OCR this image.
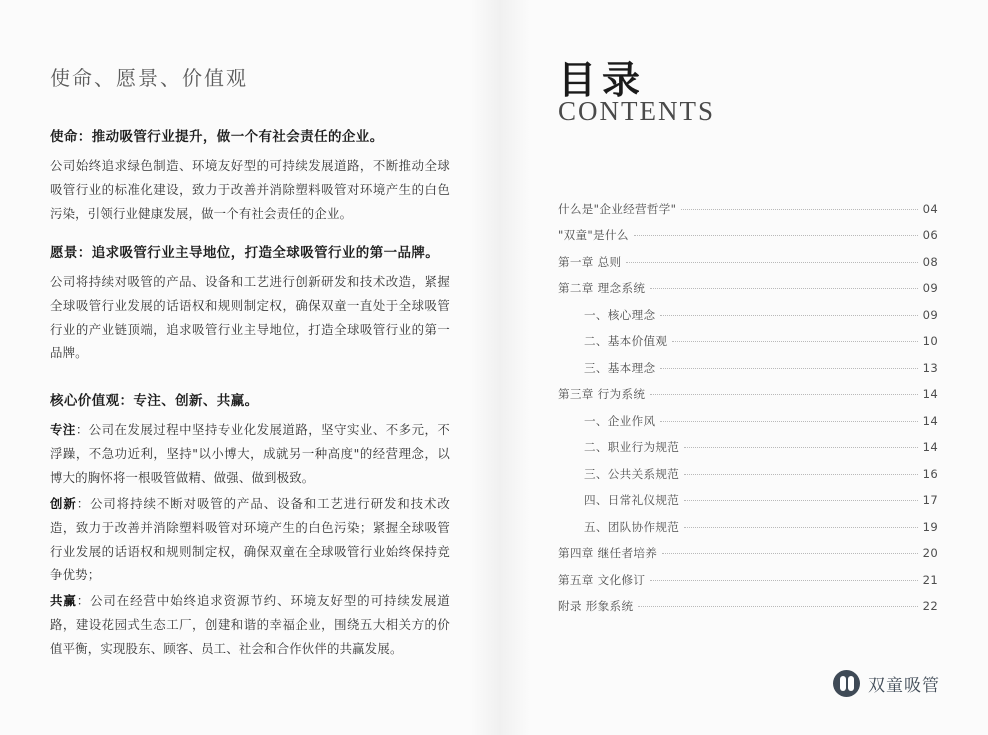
使命、愿景、价值观
使命：推动吸管行业提升，做一个有社会责任的企业。
公司始终追求绿色制造、环境友好型的可持续发展道路，不断推动全球吸管行业的标准化建设，致力于改善并消除塑料吸管对环境产生的白色污染，引领行业健康发展，做一个有社会责任的企业。
愿景：追求吸管行业主导地位，打造全球吸管行业的第一品牌。
公司将持续对吸管的产品、设备和工艺进行创新研发和技术改造，紧握全球吸管行业发展的话语权和规则制定权，确保双童一直处于全球吸管行业的产业链顶端，追求吸管行业主导地位，打造全球吸管行业的第一品牌。
核心价值观：专注、创新、共赢。
专注：公司在发展过程中坚持专业化发展道路，坚守实业、不多元，不浮躁，不急功近利，坚持"以小博大，成就另一种高度"的经营理念，以博大的胸怀将一根吸管做精、做强、做到极致。
创新：公司将持续不断对吸管的产品、设备和工艺进行研发和技术改造，致力于改善并消除塑料吸管对环境产生的白色污染；紧握全球吸管行业发展的话语权和规则制定权，确保双童在全球吸管行业始终保持竞争优势；
共赢：公司在经营中始终追求资源节约、环境友好型的可持续发展道路，建设花园式生态工厂，创建和谐的幸福企业，围绕五大相关方的价值平衡，实现股东、顾客、员工、社会和合作伙伴的共赢发展。
目录
CONTENTS
什么是"企业经营哲学"	04
"双童"是什么	06
第一章 总则	08
第二章 理念系统	09
一、核心理念	09
二、基本价值观	10
三、基本理念	13
第三章 行为系统	14
一、企业作风	14
二、职业行为规范	14
三、公共关系规范	16
四、日常礼仪规范	17
五、团队协作规范	19
第四章 继任者培养	20
第五章 文化修订	21
附录 形象系统	22
双童吸管
